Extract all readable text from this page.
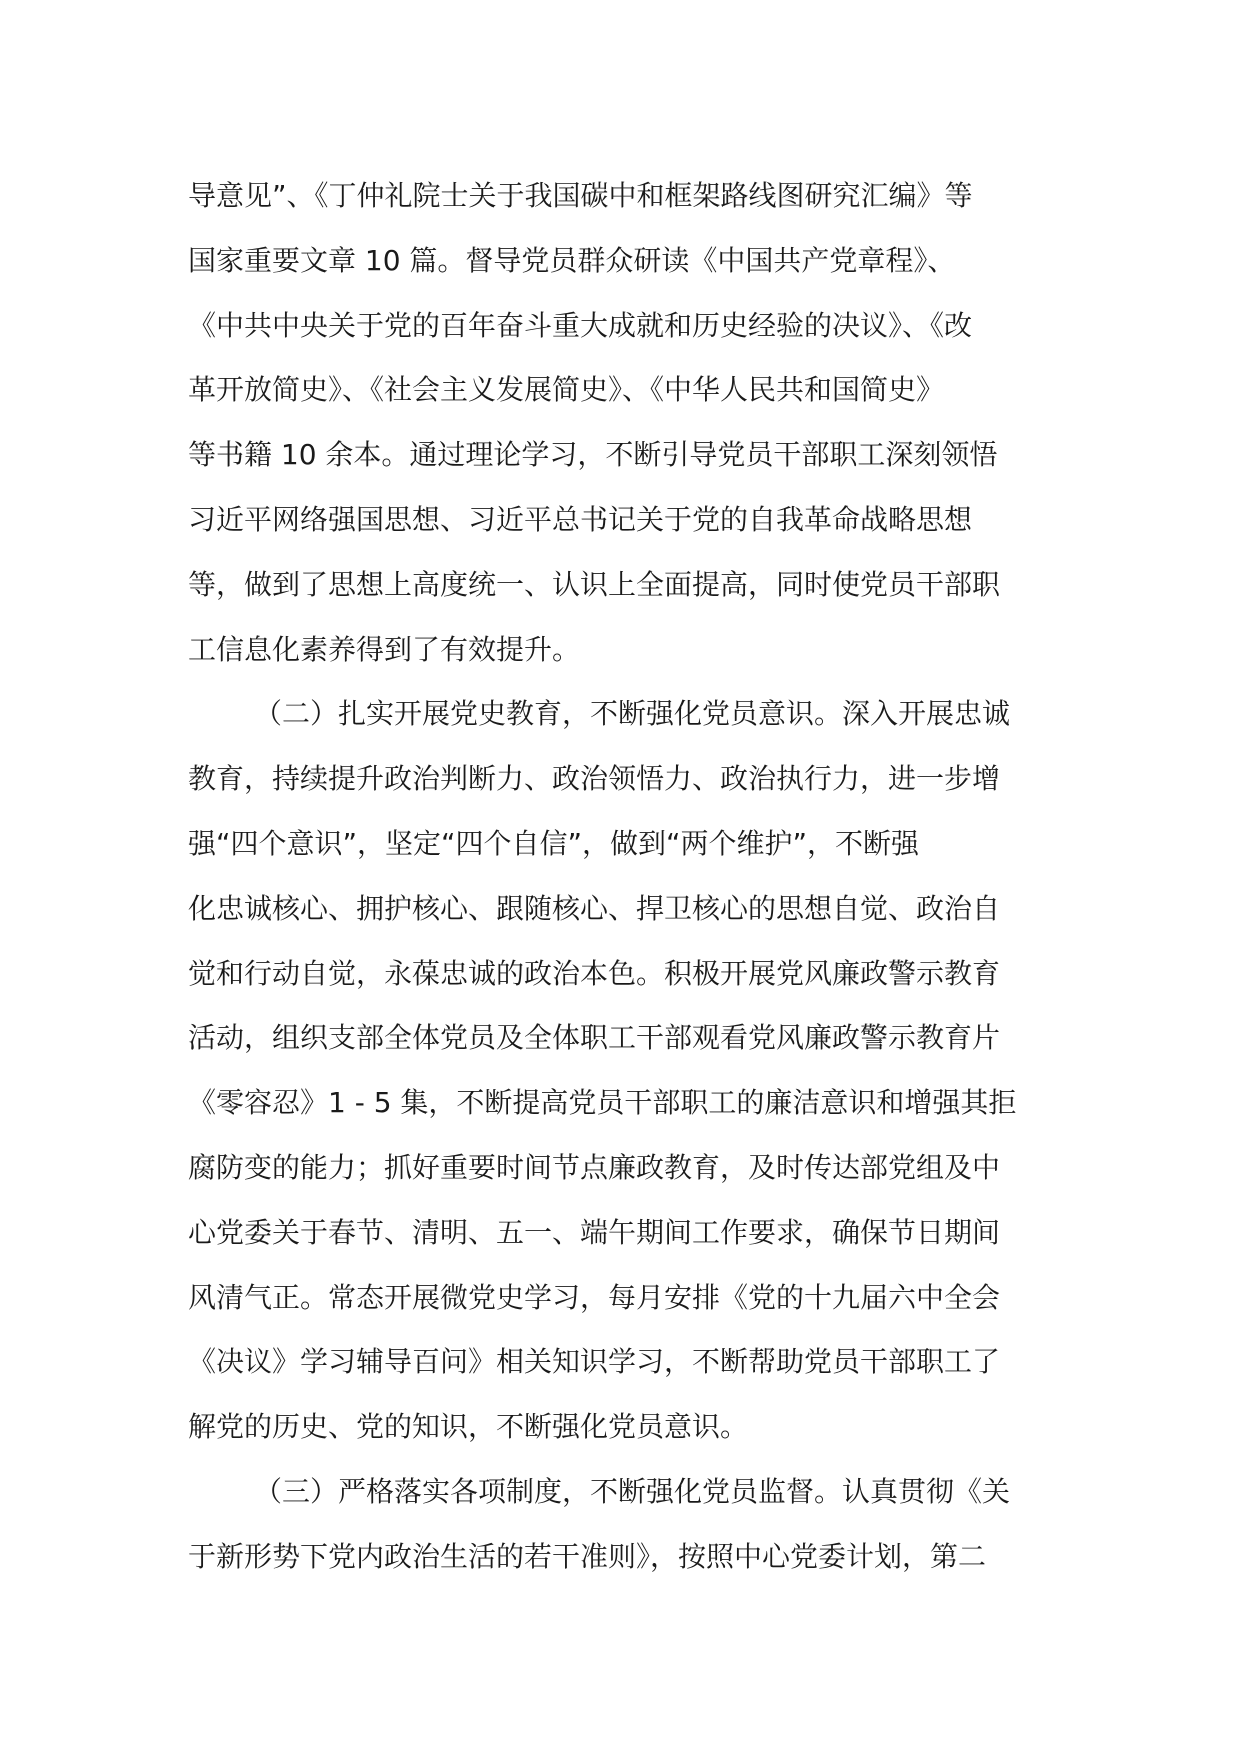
导意见”、《丁仲礼院士关于我国碳中和框架路线图研究汇编》等
国家重要文章 10 篇。督导党员群众研读《中国共产党章程》、
《中共中央关于党的百年奋斗重大成就和历史经验的决议》、《改
革开放简史》、《社会主义发展简史》、《中华人民共和国简史》
等书籍 10 余本。通过理论学习，不断引导党员干部职工深刻领悟
习近平网络强国思想、习近平总书记关于党的自我革命战略思想
等，做到了思想上高度统一、认识上全面提高，同时使党员干部职
工信息化素养得到了有效提升。
（二）扎实开展党史教育，不断强化党员意识。深入开展忠诚
教育，持续提升政治判断力、政治领悟力、政治执行力，进一步增
强“四个意识”，坚定“四个自信”，做到“两个维护”，不断强
化忠诚核心、拥护核心、跟随核心、捍卫核心的思想自觉、政治自
觉和行动自觉，永葆忠诚的政治本色。积极开展党风廉政警示教育
活动，组织支部全体党员及全体职工干部观看党风廉政警示教育片
《零容忍》1 - 5 集，不断提高党员干部职工的廉洁意识和增强其拒
腐防变的能力；抓好重要时间节点廉政教育，及时传达部党组及中
心党委关于春节、清明、五一、端午期间工作要求，确保节日期间
风清气正。常态开展微党史学习，每月安排《党的十九届六中全会
《决议》学习辅导百问》相关知识学习，不断帮助党员干部职工了
解党的历史、党的知识，不断强化党员意识。
（三）严格落实各项制度，不断强化党员监督。认真贯彻《关
于新形势下党内政治生活的若干准则》，按照中心党委计划，第二
